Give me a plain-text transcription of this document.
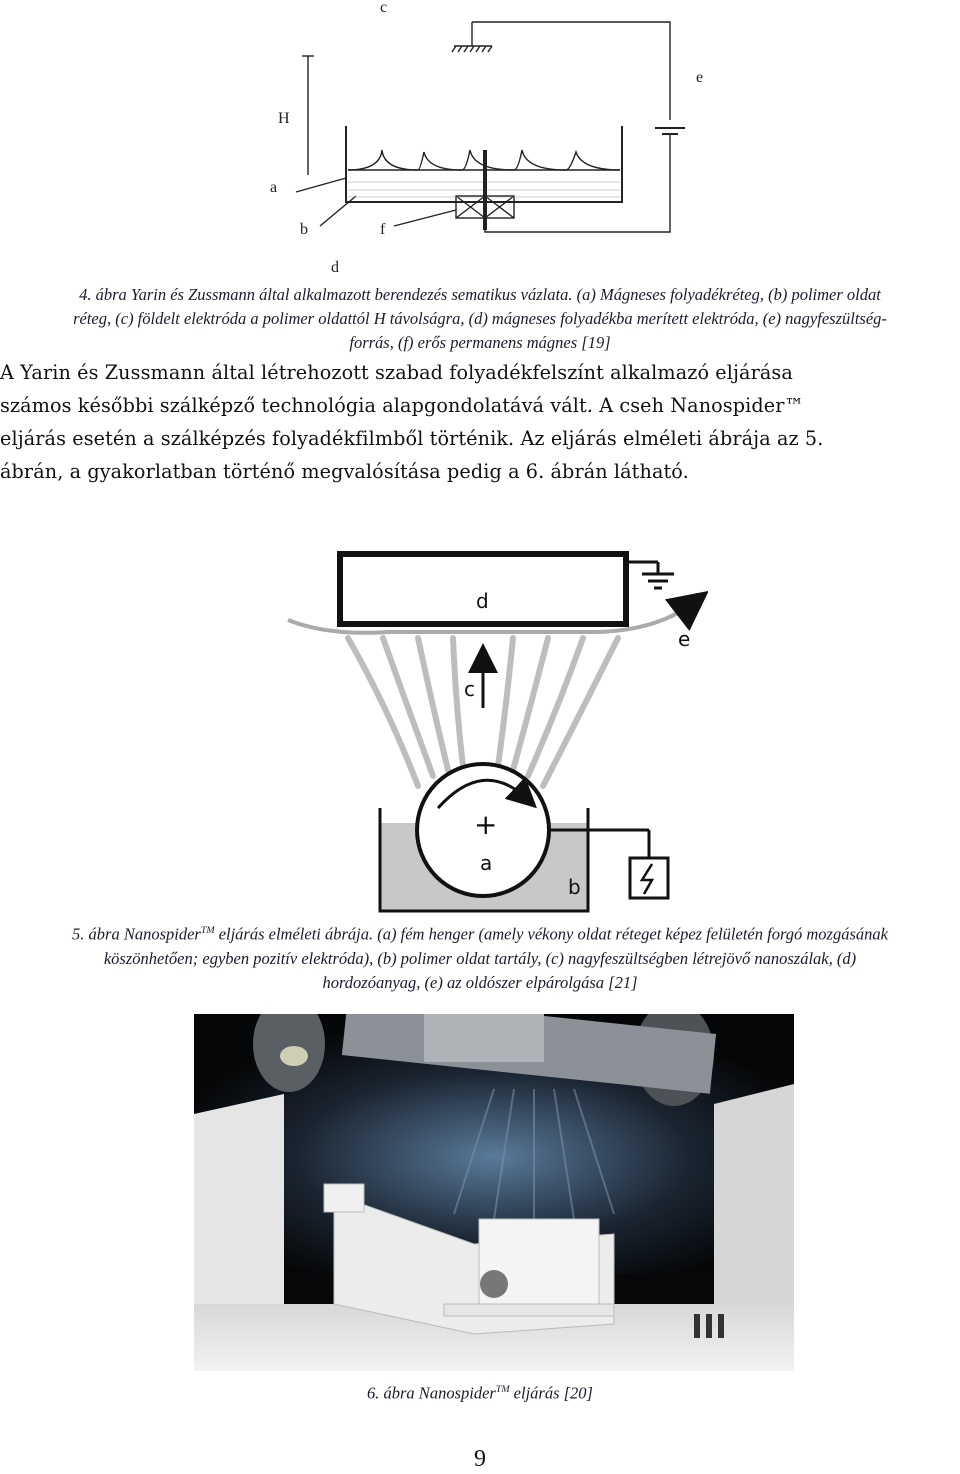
c
e
H
a
b	f
d

4. ábra Yarin és Zussmann által alkalmazott berendezés sematikus vázlata. (a) Mágneses folyadékréteg, (b) polimer oldat

réteg, (c) földelt elektróda a polimer oldattól H távolságra, (d) mágneses folyadékba merített elektróda, (e) nagyfeszültség-

forrás, (f) erős permanens mágnes [19]

A Yarin és Zussmann által létrehozott szabad folyadékfelszínt alkalmazó eljárása

számos későbbi szálképző technológia alapgondolatává vált. A cseh Nanospider™

eljárás esetén a szálképzés folyadékfilmből történik. Az eljárás elméleti ábrája az 5.

ábrán, a gyakorlatban történő megvalósítása pedig a 6. ábrán látható.

d
e
c
+
a
b

5. ábra Nanospider™ eljárás elméleti ábrája. (a) fém henger (amely vékony oldat réteget képez felületén forgó mozgásának

köszönhetően; egyben pozitív elektróda), (b) polimer oldat tartály, (c) nagyfeszültségben létrejövő nanoszálak, (d)

hordozóanyag, (e) az oldószer elpárolgása [21]

6. ábra Nanospider™ eljárás [20]

9
